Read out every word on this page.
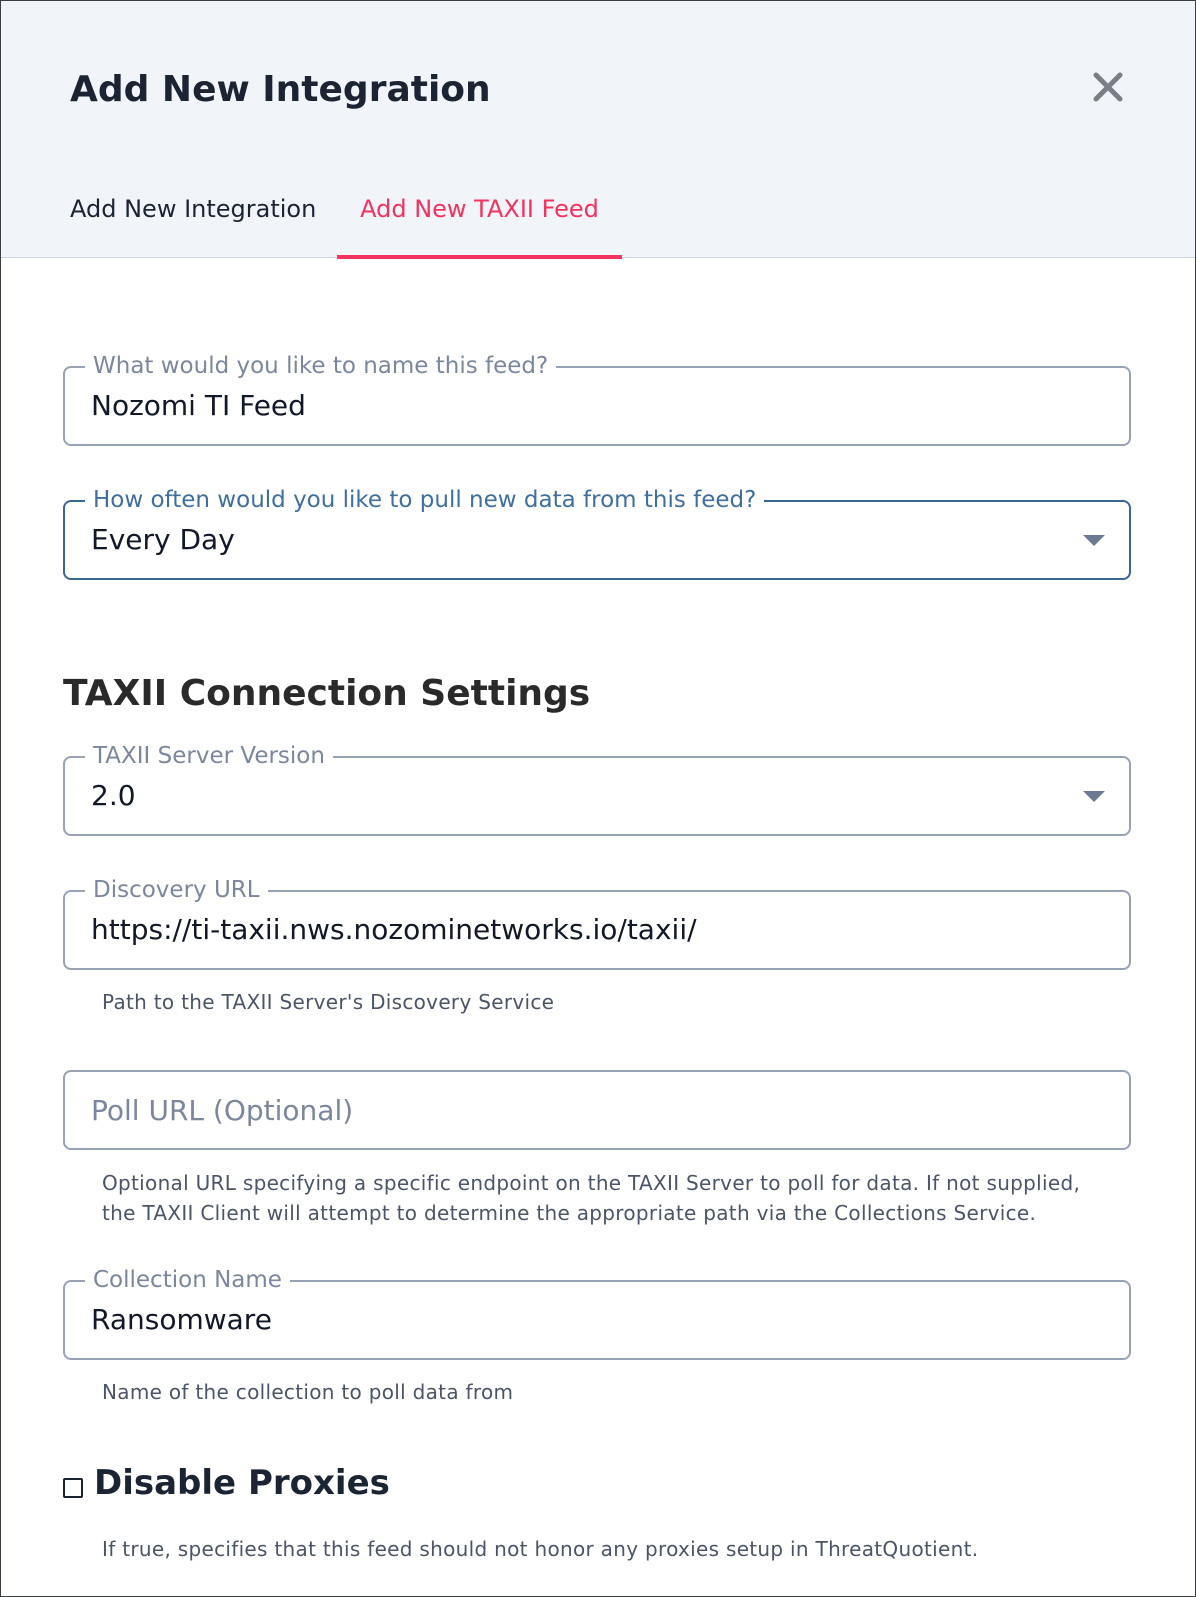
Add New Integration
Add New Integration	Add New TAXII Feed
What would you like to name this feed?
Nozomi TI Feed
How often would you like to pull new data from this feed?
Every Day
TAXII Connection Settings
TAXII Server Version
2.0
Discovery URL
https://ti-taxii.nws.nozominetworks.io/taxii/
Path to the TAXII Server's Discovery Service
Poll URL (Optional)
Optional URL specifying a specific endpoint on the TAXII Server to poll for data. If not supplied, the TAXII Client will attempt to determine the appropriate path via the Collections Service.
Collection Name
Ransomware
Name of the collection to poll data from
Disable Proxies
If true, specifies that this feed should not honor any proxies setup in ThreatQuotient.
